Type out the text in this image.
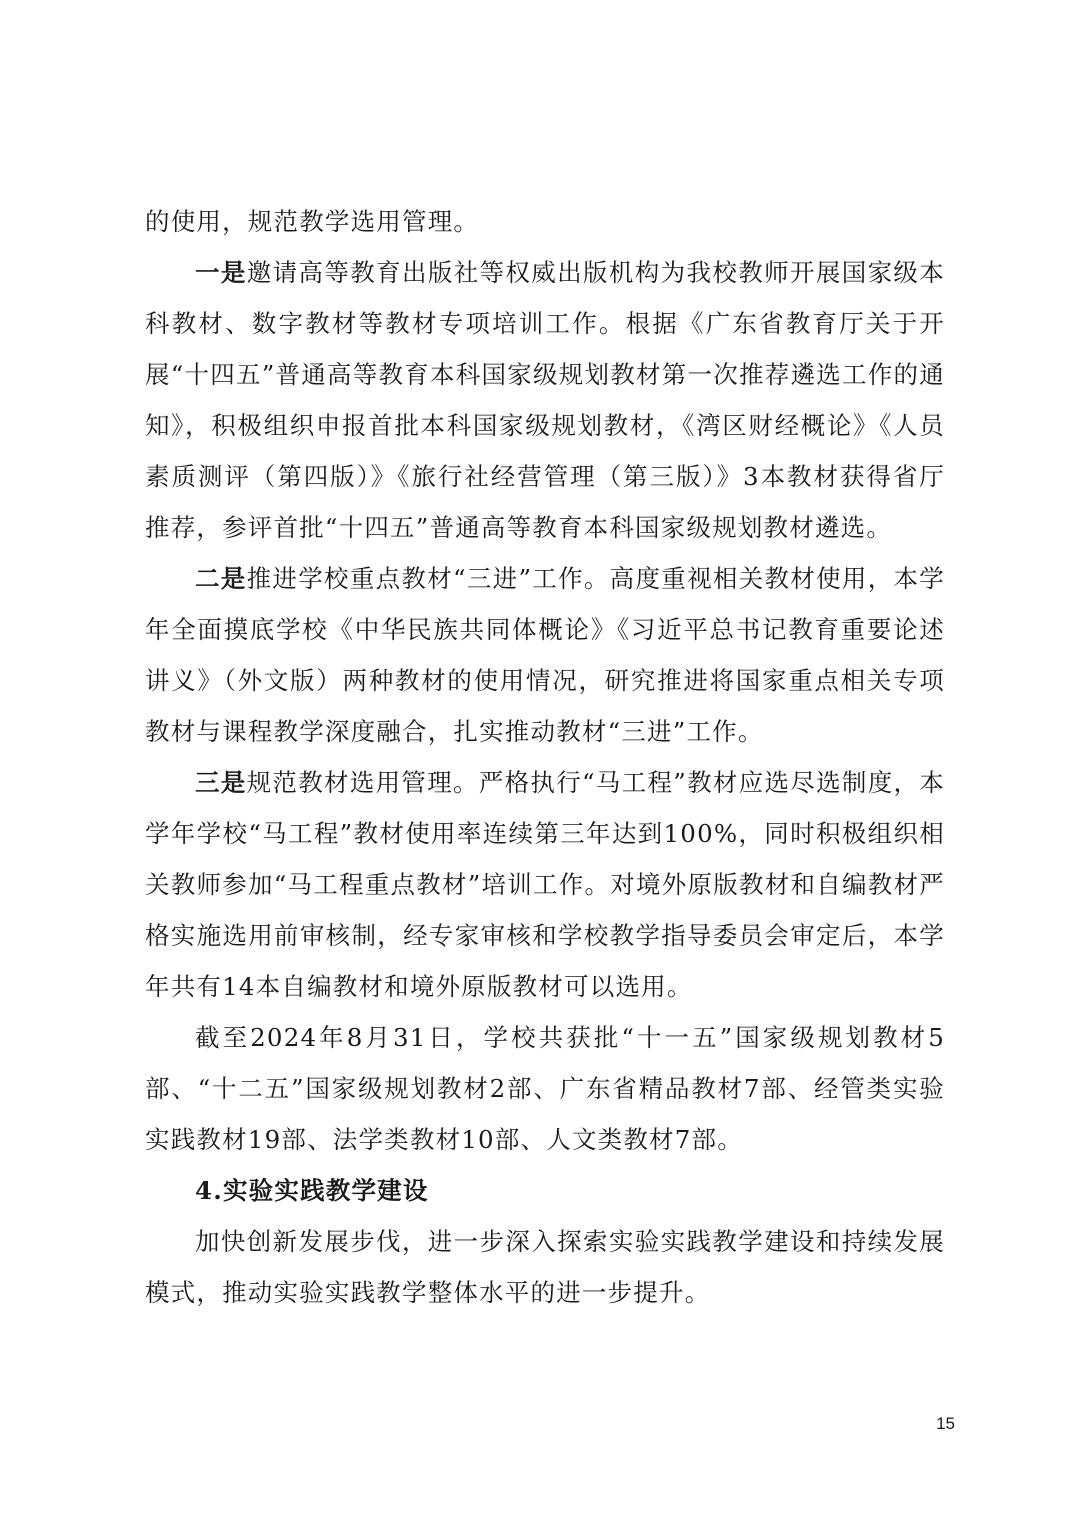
的使用，规范教学选用管理。

一是邀请高等教育出版社等权威出版机构为我校教师开展国家级本科教材、数字教材等教材专项培训工作。根据《广东省教育厅关于开展“十四五”普通高等教育本科国家级规划教材第一次推荐遴选工作的通知》，积极组织申报首批本科国家级规划教材，《湾区财经概论》《人员素质测评（第四版）》《旅行社经营管理（第三版）》3本教材获得省厅推荐，参评首批“十四五”普通高等教育本科国家级规划教材遴选。

二是推进学校重点教材“三进”工作。高度重视相关教材使用，本学年全面摸底学校《中华民族共同体概论》《习近平总书记教育重要论述讲义》（外文版）两种教材的使用情况，研究推进将国家重点相关专项教材与课程教学深度融合，扎实推动教材“三进”工作。

三是规范教材选用管理。严格执行“马工程”教材应选尽选制度，本学年学校“马工程”教材使用率连续第三年达到100%，同时积极组织相关教师参加“马工程重点教材”培训工作。对境外原版教材和自编教材严格实施选用前审核制，经专家审核和学校教学指导委员会审定后，本学年共有14本自编教材和境外原版教材可以选用。

截至2024年8月31日，学校共获批“十一五”国家级规划教材5部、“十二五”国家级规划教材2部、广东省精品教材7部、经管类实验实践教材19部、法学类教材10部、人文类教材7部。

4.实验实践教学建设

加快创新发展步伐，进一步深入探索实验实践教学建设和持续发展模式，推动实验实践教学整体水平的进一步提升。

15
